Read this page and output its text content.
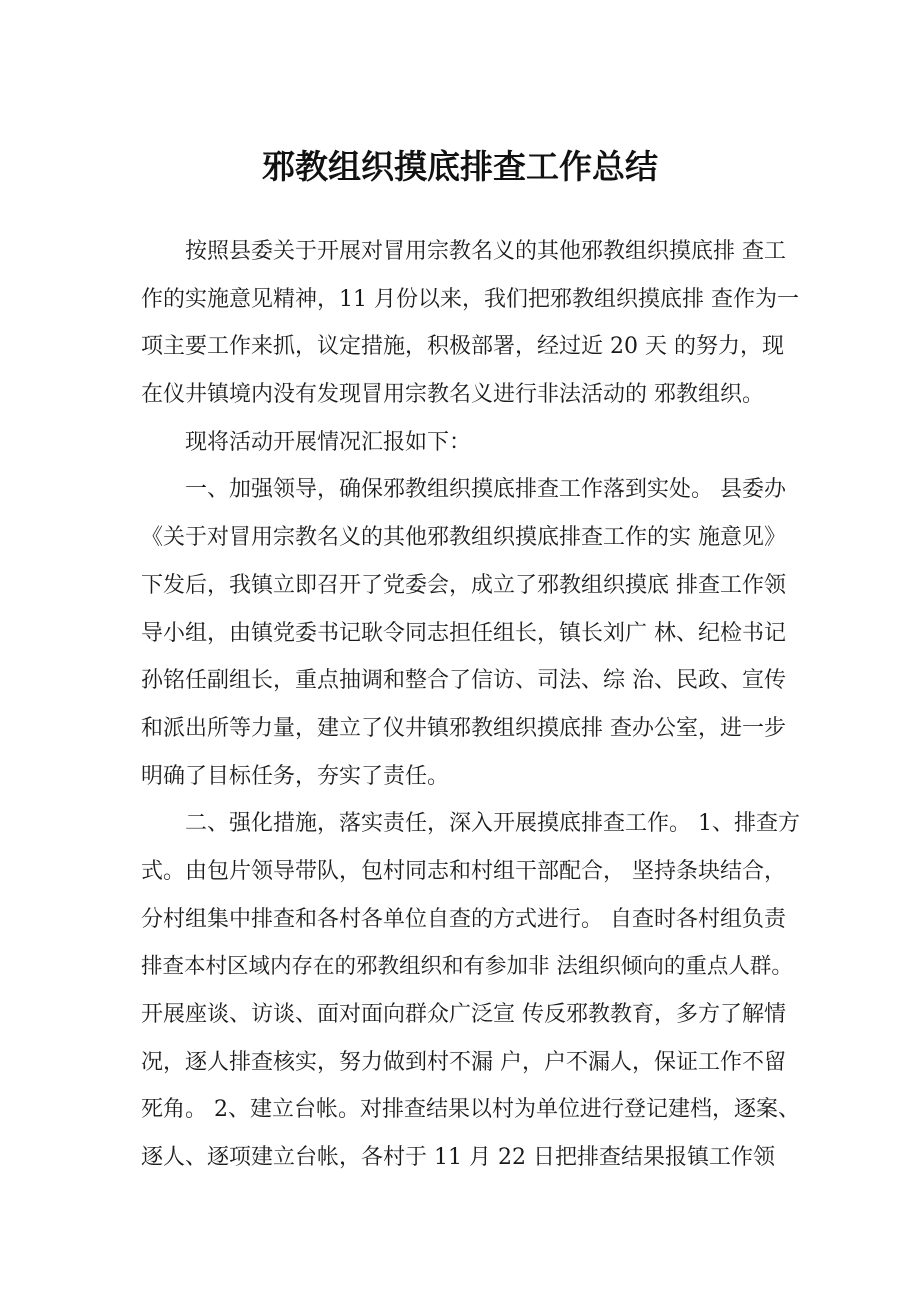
邪教组织摸底排查工作总结
按照县委关于开展对冒用宗教名义的其他邪教组织摸底排 查工
作的实施意见精神，11 月份以来，我们把邪教组织摸底排 查作为一
项主要工作来抓，议定措施，积极部署，经过近 20 天 的努力，现
在仪井镇境内没有发现冒用宗教名义进行非法活动的 邪教组织。
现将活动开展情况汇报如下：
一、加强领导，确保邪教组织摸底排查工作落到实处。 县委办
《关于对冒用宗教名义的其他邪教组织摸底排查工作的实 施意见》
下发后，我镇立即召开了党委会，成立了邪教组织摸底 排查工作领
导小组，由镇党委书记耿令同志担任组长，镇长刘广 林、纪检书记
孙铭任副组长，重点抽调和整合了信访、司法、综 治、民政、宣传
和派出所等力量，建立了仪井镇邪教组织摸底排 查办公室，进一步
明确了目标任务，夯实了责任。
二、强化措施，落实责任，深入开展摸底排查工作。 1、排查方
式。由包片领导带队，包村同志和村组干部配合， 坚持条块结合，
分村组集中排查和各村各单位自查的方式进行。 自查时各村组负责
排查本村区域内存在的邪教组织和有参加非 法组织倾向的重点人群。
开展座谈、访谈、面对面向群众广泛宣 传反邪教教育，多方了解情
况，逐人排查核实，努力做到村不漏 户，户不漏人，保证工作不留
死角。 2、建立台帐。对排查结果以村为单位进行登记建档，逐案、
逐人、逐项建立台帐，各村于 11 月 22 日把排查结果报镇工作领
